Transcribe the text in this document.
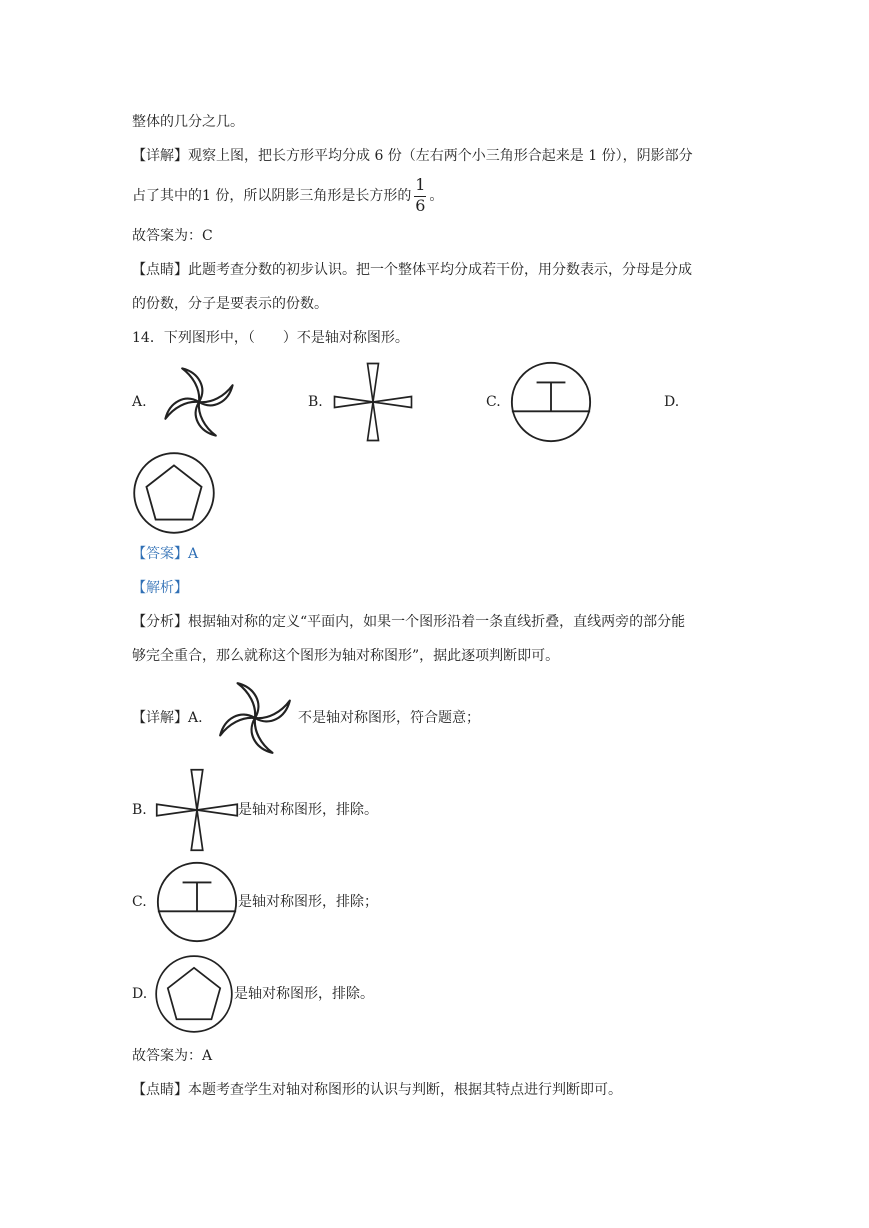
整体的几分之几。
【详解】观察上图，把长方形平均分成 6 份（左右两个小三角形合起来是 1 份），阴影部分
占了其中的1 份，所以阴影三角形是长方形的 $\frac{1}{6}$ 。
故答案为：C
【点睛】此题考查分数的初步认识。把一个整体平均分成若干份，用分数表示，分母是分成
的份数，分子是要表示的份数。
14．下列图形中，（　　）不是轴对称图形。
A.	B.	C.	D.
【答案】A
【解析】
【分析】根据轴对称的定义“平面内，如果一个图形沿着一条直线折叠，直线两旁的部分能
够完全重合，那么就称这个图形为轴对称图形”，据此逐项判断即可。
【详解】A.	不是轴对称图形，符合题意；
B.	是轴对称图形，排除。
C.	是轴对称图形，排除；
D.	是轴对称图形，排除。
故答案为：A
【点睛】本题考查学生对轴对称图形的认识与判断，根据其特点进行判断即可。
